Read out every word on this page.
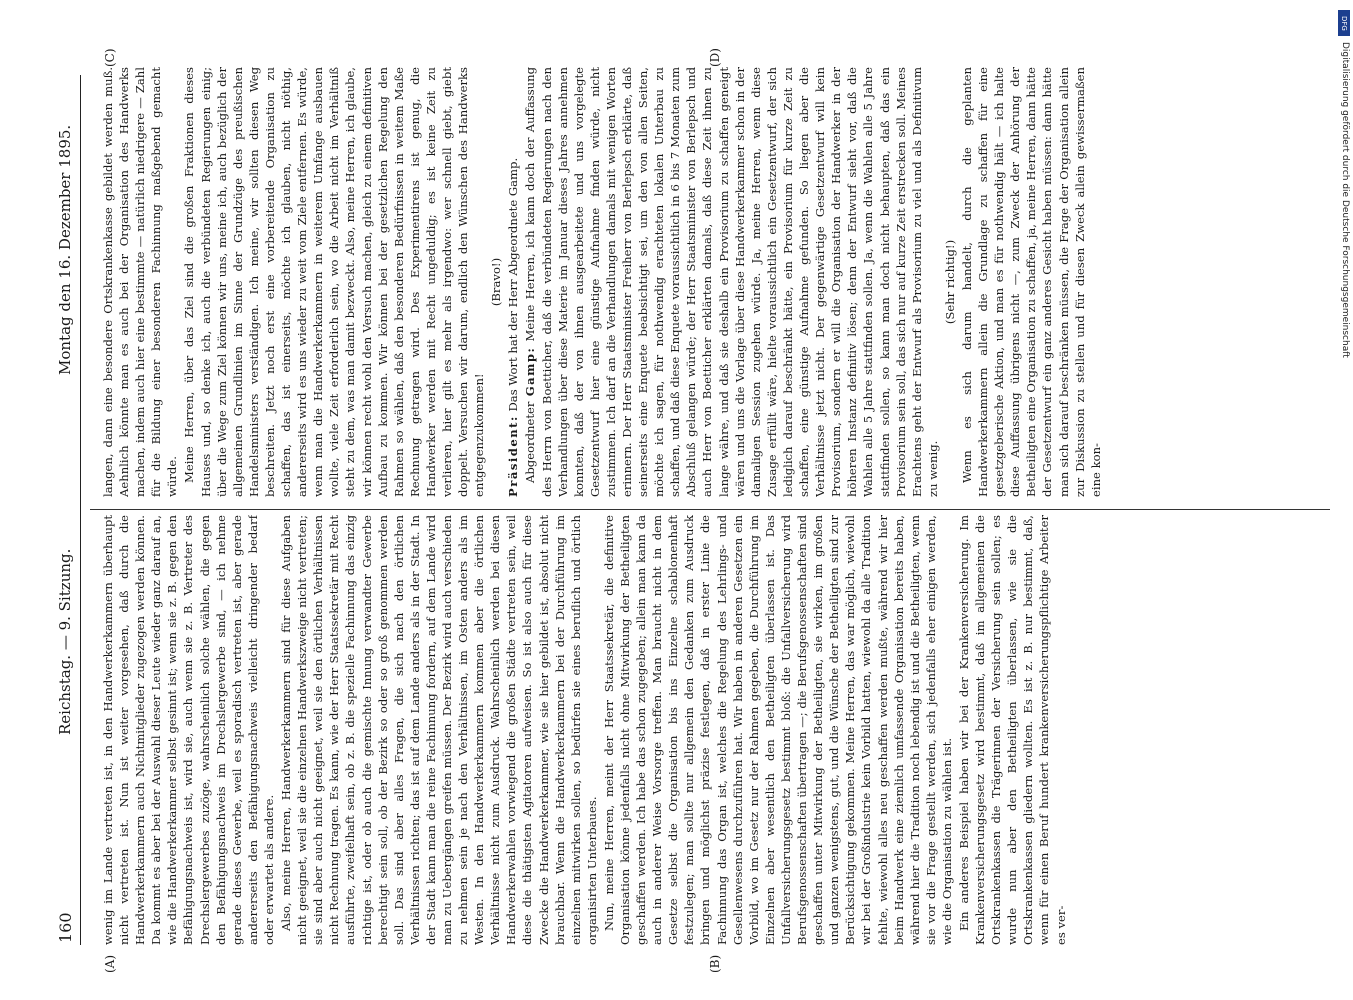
160
Reichstag. — 9. Sitzung.
Montag den 16. Dezember 1895.
(A)	(B)
(C)	(D)

wenig im Lande vertreten ist, in den Handwerkerkammern überhaupt nicht vertreten ist. Nun ist weiter vorgesehen, daß durch die Handwerkerkammern auch Nichtmitglieder zugezogen werden können. Da kommt es aber bei der Auswahl dieser Leute wieder ganz darauf an, wie die Handwerkerkammer selbst gesinnt ist; wenn sie z. B. gegen den Befähigungsnachweis ist, wird sie, auch wenn sie z. B. Vertreter des Drechslergewerbes zuzöge, wahrscheinlich solche wählen, die gegen den Befähigungsnachweis im Drechslergewerbe sind, — ich nehme gerade dieses Gewerbe, weil es sporadisch vertreten ist, aber gerade andererseits den Befähigungsnachweis vielleicht dringender bedarf oder erwartet als andere. Also, meine Herren, Handwerkerkammern sind für diese Aufgaben nicht geeignet, weil sie die einzelnen Handwerkszweige nicht vertreten; sie sind aber auch nicht geeignet, weil sie den örtlichen Verhältnissen nicht Rechnung tragen. Es kann, wie der Herr Staatssekretär mit Recht ausführte, zweifelhaft sein, ob z. B. die spezielle Fachinnung das einzig richtige ist, oder ob auch die gemischte Innung verwandter Gewerbe berechtigt sein soll, ob der Bezirk so oder so groß genommen werden soll. Das sind aber alles Fragen, die sich nach den örtlichen Verhältnissen richten; das ist auf dem Lande anders als in der Stadt. In der Stadt kann man die reine Fachinnung fordern, auf dem Lande wird man zu Uebergängen greifen müssen. Der Bezirk wird auch verschieden zu nehmen sein je nach den Verhältnissen, im Osten anders als im Westen. In den Handwerkerkammern kommen aber die örtlichen Verhältnisse nicht zum Ausdruck. Wahrscheinlich werden bei diesen Handwerkerwahlen vorwiegend die großen Städte vertreten sein, weil diese die thätigsten Agitatoren aufweisen. So ist also auch für diese Zwecke die Handwerkerkammer, wie sie hier gebildet ist, absolut nicht brauchbar. Wenn die Handwerkerkammern bei der Durchführung im einzelnen mitwirken sollen, so bedürfen sie eines beruflich und örtlich organisirten Unterbaues. Nun, meine Herren, meint der Herr Staatssekretär, die definitive Organisation könne jedenfalls nicht ohne Mitwirkung der Betheiligten geschaffen werden. Ich habe das schon zugegeben; allein man kann da auch in anderer Weise Vorsorge treffen. Man braucht nicht in dem Gesetze selbst die Organisation bis ins Einzelne schablonenhaft festzulegen; man sollte nur allgemein den Gedanken zum Ausdruck bringen und möglichst präzise festlegen, daß in erster Linie die Fachinnung das Organ ist, welches die Regelung des Lehrlings- und Gesellenwesens durchzuführen hat. Wir haben in anderen Gesetzen ein Vorbild, wo im Gesetz nur der Rahmen gegeben, die Durchführung im Einzelnen aber wesentlich den Betheiligten überlassen ist. Das Unfallversicherungsgesetz bestimmt bloß: die Unfallversicherung wird Berufsgenossenschaften übertragen —; die Berufsgenossenschaften sind geschaffen unter Mitwirkung der Betheiligten, sie wirken, im großen und ganzen wenigstens, gut, und die Wünsche der Betheiligten sind zur Berücksichtigung gekommen. Meine Herren, das war möglich, wiewohl wir bei der Großindustrie kein Vorbild hatten, wiewohl da alle Tradition fehlte, wiewohl alles neu geschaffen werden mußte, während wir hier beim Handwerk eine ziemlich umfassende Organisation bereits haben, während hier die Tradition noch lebendig ist und die Betheiligten, wenn sie vor die Frage gestellt werden, sich jedenfalls eher einigen werden, wie die Organisation zu wählen ist. Ein anderes Beispiel haben wir bei der Krankenversicherung. Im Krankenversicherungsgesetz wird bestimmt, daß im allgemeinen die Ortskrankenkassen die Trägerinnen der Versicherung sein sollen; es wurde nun aber den Betheiligten überlassen, wie sie die Ortskrankenkassen gliedern wollten. Es ist z. B. nur bestimmt, daß, wenn für einen Beruf hundert krankenversicherungspflichtige Arbeiter es ver-

langen, dann eine besondere Ortskrankenkasse gebildet werden muß. Aehnlich könnte man es auch bei der Organisation des Handwerks machen, indem auch hier eine bestimmte — natürlich niedrigere — Zahl für die Bildung einer besonderen Fachinnung maßgebend gemacht würde. Meine Herren, über das Ziel sind die großen Fraktionen dieses Hauses und, so denke ich, auch die verbündeten Regierungen einig; über die Wege zum Ziel können wir uns, meine ich, auch bezüglich der allgemeinen Grundlinien im Sinne der Grundzüge des preußischen Handelsministers verständigen. Ich meine, wir sollten diesen Weg beschreiten. Jetzt noch erst eine vorbereitende Organisation zu schaffen, das ist einerseits, möchte ich glauben, nicht nöthig, andererseits wird es uns wieder zu weit vom Ziele entfernen. Es würde, wenn man die Handwerkerkammern in weiterem Umfange ausbauen wollte, viele Zeit erforderlich sein, wo die Arbeit nicht im Verhältniß steht zu dem, was man damit bezweckt. Also, meine Herren, ich glaube, wir können recht wohl den Versuch machen, gleich zu einem definitiven Aufbau zu kommen. Wir können bei der gesetzlichen Regelung den Rahmen so wählen, daß den besonderen Bedürfnissen in weitem Maße Rechnung getragen wird. Des Experimentirens ist genug, die Handwerker werden mit Recht ungeduldig; es ist keine Zeit zu verlieren, hier gilt es mehr als irgendwo: wer schnell giebt, giebt doppelt. Versuchen wir darum, endlich den Wünschen des Handwerks entgegenzukommen!

(Bravo!)

Präsident: Das Wort hat der Herr Abgeordnete Gamp.

Abgeordneter Gamp: Meine Herren, ich kann doch der Auffassung des Herrn von Boetticher, daß die verbündeten Regierungen nach den Verhandlungen über diese Materie im Januar dieses Jahres annehmen konnten, daß der von ihnen ausgearbeitete und uns vorgelegte Gesetzentwurf hier eine günstige Aufnahme finden würde, nicht zustimmen. Ich darf an die Verhandlungen damals mit wenigen Worten erinnern. Der Herr Staatsminister Freiherr von Berlepsch erklärte, daß seinerseits eine Enquete beabsichtigt sei, um den von allen Seiten, möchte ich sagen, für nothwendig erachteten lokalen Unterbau zu schaffen, und daß diese Enquete voraussichtlich in 6 bis 7 Monaten zum Abschluß gelangen würde; der Herr Staatsminister von Berlepsch und auch Herr von Boetticher erklärten damals, daß diese Zeit ihnen zu lange währe, und daß sie deshalb ein Provisorium zu schaffen geneigt wären und uns die Vorlage über diese Handwerkerkammer schon in der damaligen Session zugehen würde. Ja, meine Herren, wenn diese Zusage erfüllt wäre, hielte voraussichtlich ein Gesetzentwurf, der sich lediglich darauf beschränkt hätte, ein Provisorium für kurze Zeit zu schaffen, eine günstige Aufnahme gefunden. So liegen aber die Verhältnisse jetzt nicht. Der gegenwärtige Gesetzentwurf will kein Provisorium, sondern er will die Organisation der Handwerker in der höheren Instanz definitiv lösen; denn der Entwurf sieht vor, daß die Wahlen alle 5 Jahre stattfinden sollen. Ja, wenn die Wahlen alle 5 Jahre stattfinden sollen, so kann man doch nicht behaupten, daß das ein Provisorium sein soll, das sich nur auf kurze Zeit erstrecken soll. Meines Erachtens geht der Entwurf als Provisorium zu viel und als Definitivum zu wenig.

(Sehr richtig!) Wenn es sich darum handelt, durch die geplanten Handwerkerkammern allein die Grundlage zu schaffen für eine gesetzgeberische Aktion, und man es für nothwendig hält — ich halte diese Auffassung übrigens nicht —, zum Zweck der Anhörung der Betheiligten eine Organisation zu schaffen, ja, meine Herren, dann hätte der Gesetzentwurf ein ganz anderes Gesicht haben müssen: dann hätte man sich darauf beschränken müssen, die Frage der Organisation allein zur Diskussion zu stellen und für diesen Zweck allein gewissermaßen eine kon-

DFG
Digitalisierung gefördert durch die Deutsche Forschungsgemeinschaft
